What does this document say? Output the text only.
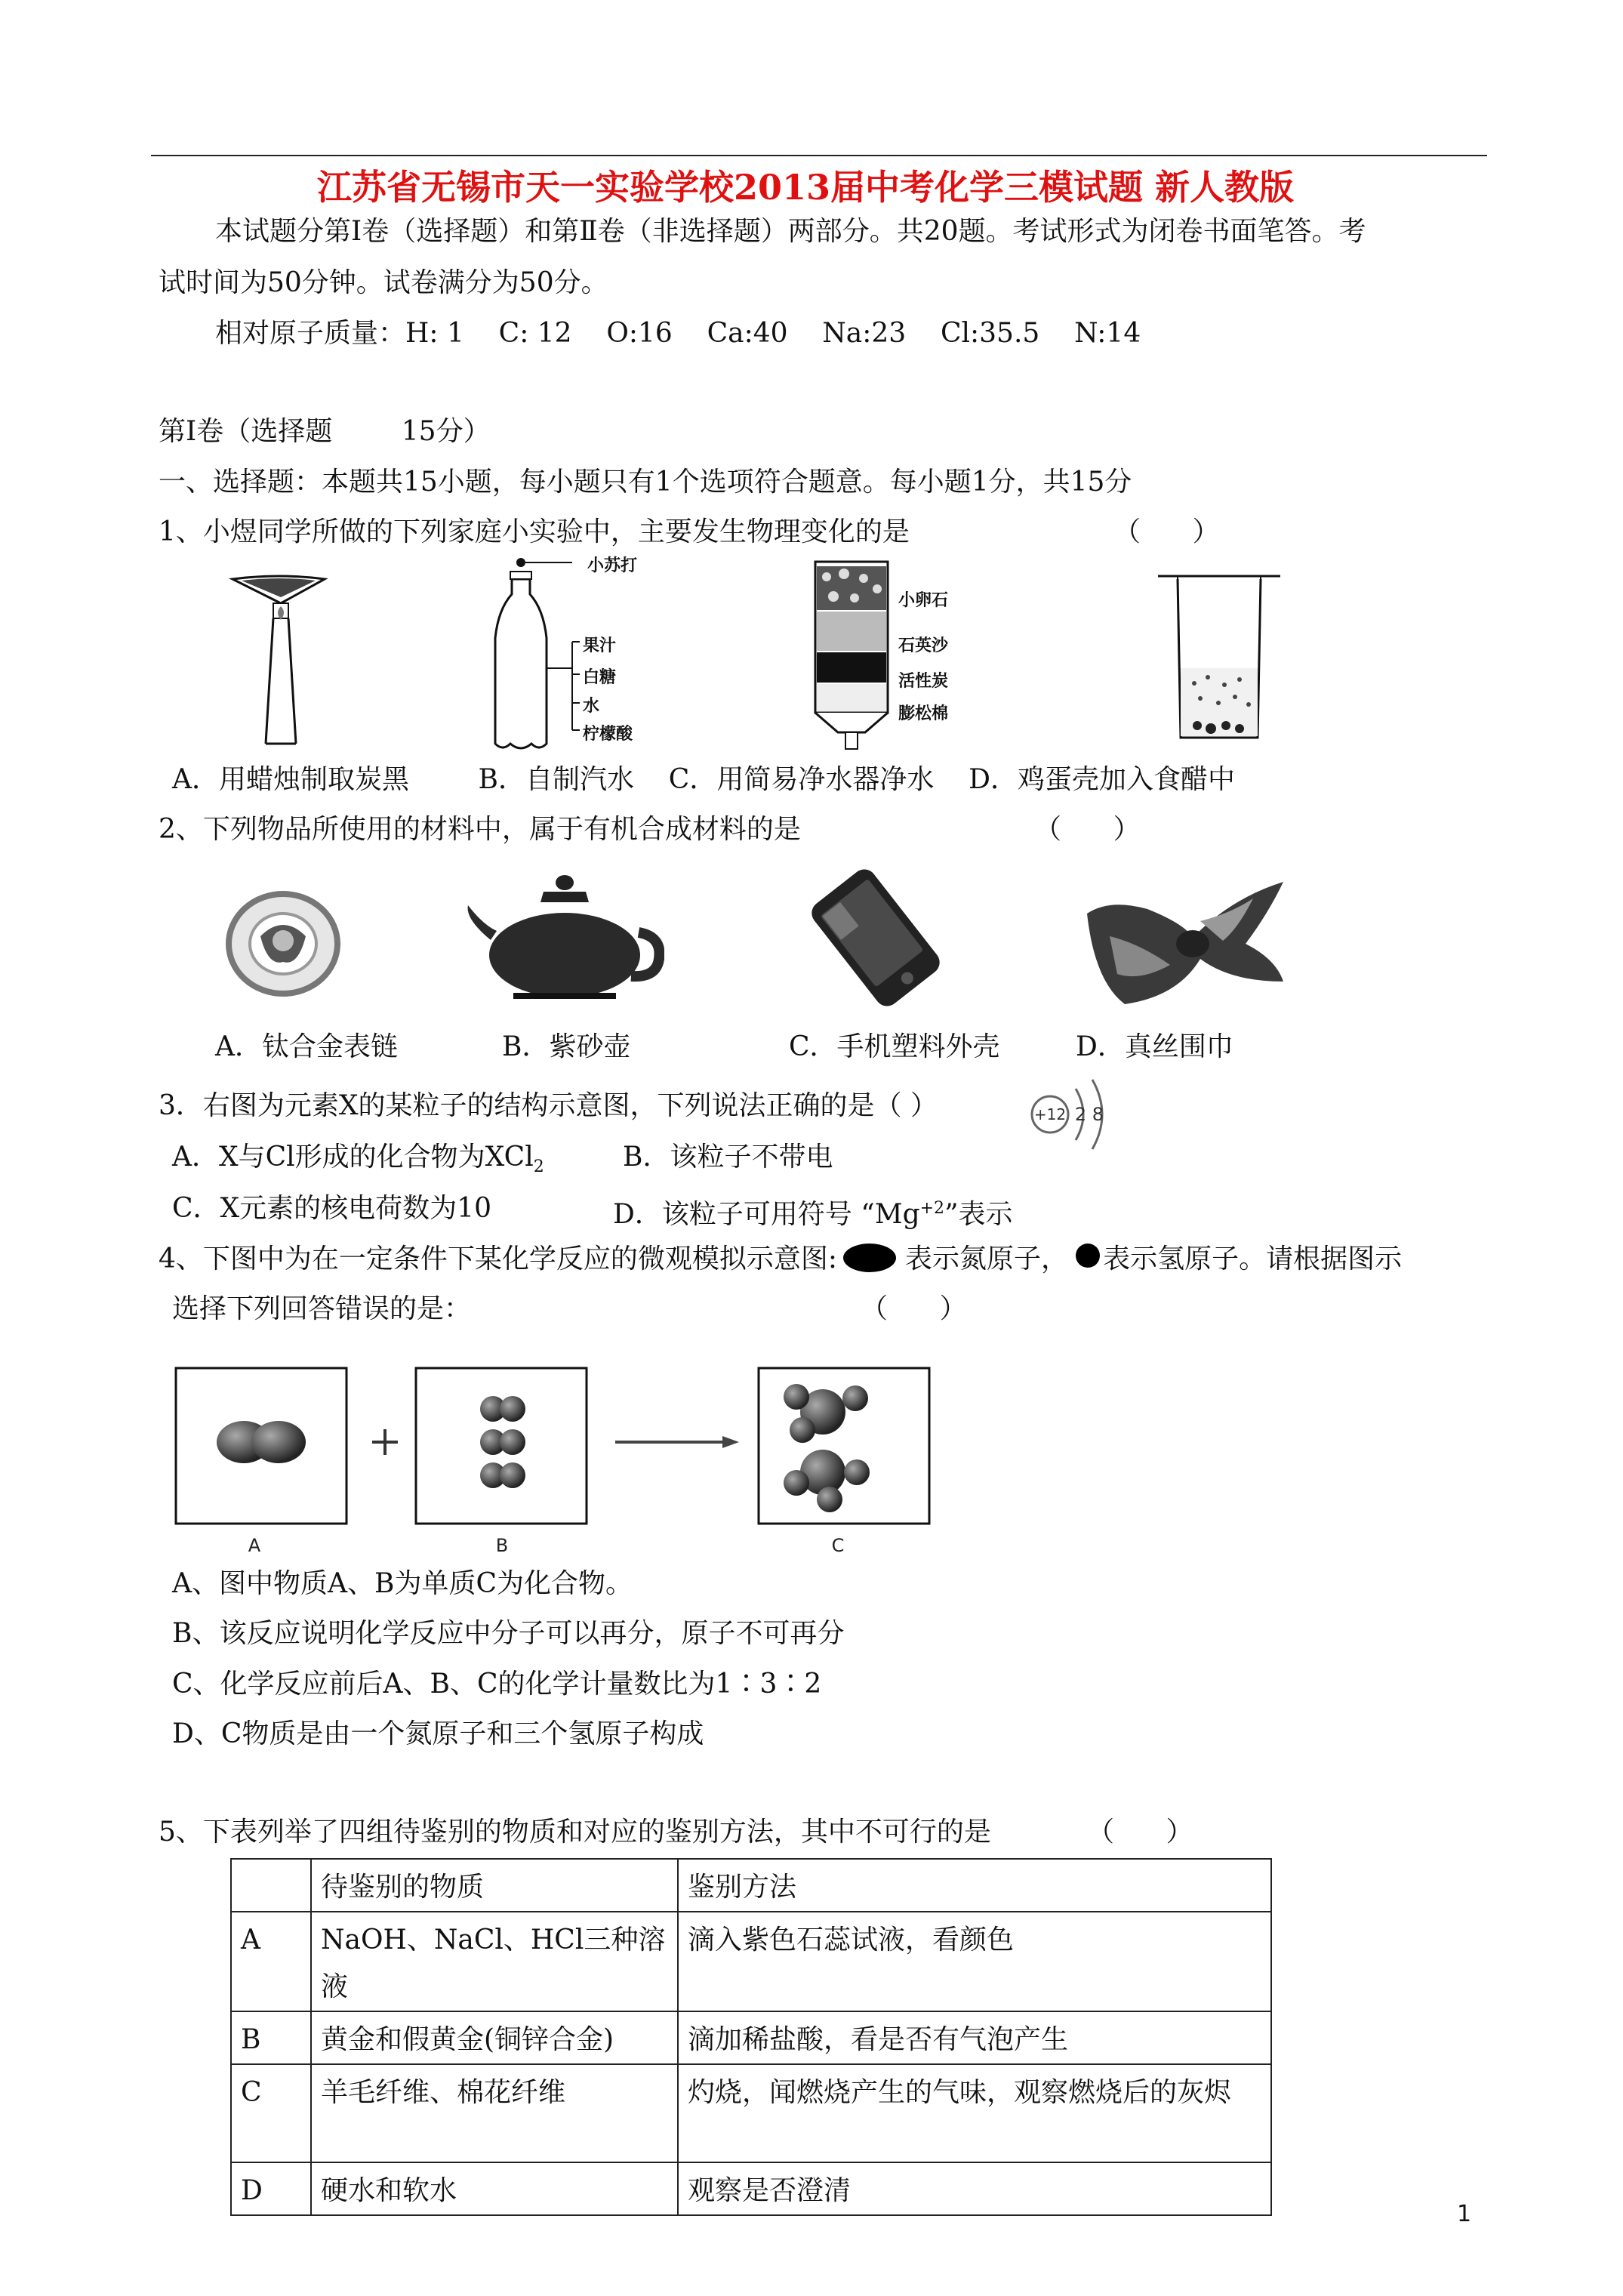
江苏省无锡市天一实验学校2013届中考化学三模试题 新人教版
本试题分第Ⅰ卷（选择题）和第Ⅱ卷（非选择题）两部分。共20题。考试形式为闭卷书面笔答。考
试时间为50分钟。试卷满分为50分。
相对原子质量：H: 1    C: 12    O:16    Ca:40    Na:23    Cl:35.5    N:14
第Ⅰ卷（选择题        15分）
一、选择题：本题共15小题，每小题只有1个选项符合题意。每小题1分，共15分
1、小煜同学所做的下列家庭小实验中，主要发生物理变化的是	（      ）
小苏打
果汁
白糖
水
柠檬酸
小卵石
石英沙
活性炭
膨松棉
A．用蜡烛制取炭黑        B．自制汽水    C．用简易净水器净水    D．鸡蛋壳加入食醋中
2、下列物品所使用的材料中，属于有机合成材料的是	（      ）
A．钛合金表链	B．紫砂壶	C．手机塑料外壳	D．真丝围巾
3．右图为元素X的某粒子的结构示意图，下列说法正确的是（ ）	+12 2 8
A．X与Cl形成的化合物为XCl$_2$	B．该粒子不带电
C．X元素的核电荷数为10	D．该粒子可用符号 “$Mg^{+2}$”表示
4、下图中为在一定条件下某化学反应的微观模拟示意图:	表示氮原子， 表示氢原子。请根据图示
选择下列回答错误的是：	（      ）
A	B	C
A、图中物质A、B为单质C为化合物。
B、该反应说明化学反应中分子可以再分，原子不可再分
C、化学反应前后A、B、C的化学计量数比为1∶3∶2
D、C物质是由一个氮原子和三个氢原子构成
5、下表列举了四组待鉴别的物质和对应的鉴别方法，其中不可行的是	（      ）
	待鉴别的物质	鉴别方法
A	NaOH、NaCl、HCl三种溶液	滴入紫色石蕊试液，看颜色
B	黄金和假黄金(铜锌合金)	滴加稀盐酸，看是否有气泡产生
C	羊毛纤维、棉花纤维	灼烧，闻燃烧产生的气味，观察燃烧后的灰烬
D	硬水和软水	观察是否澄清
1
